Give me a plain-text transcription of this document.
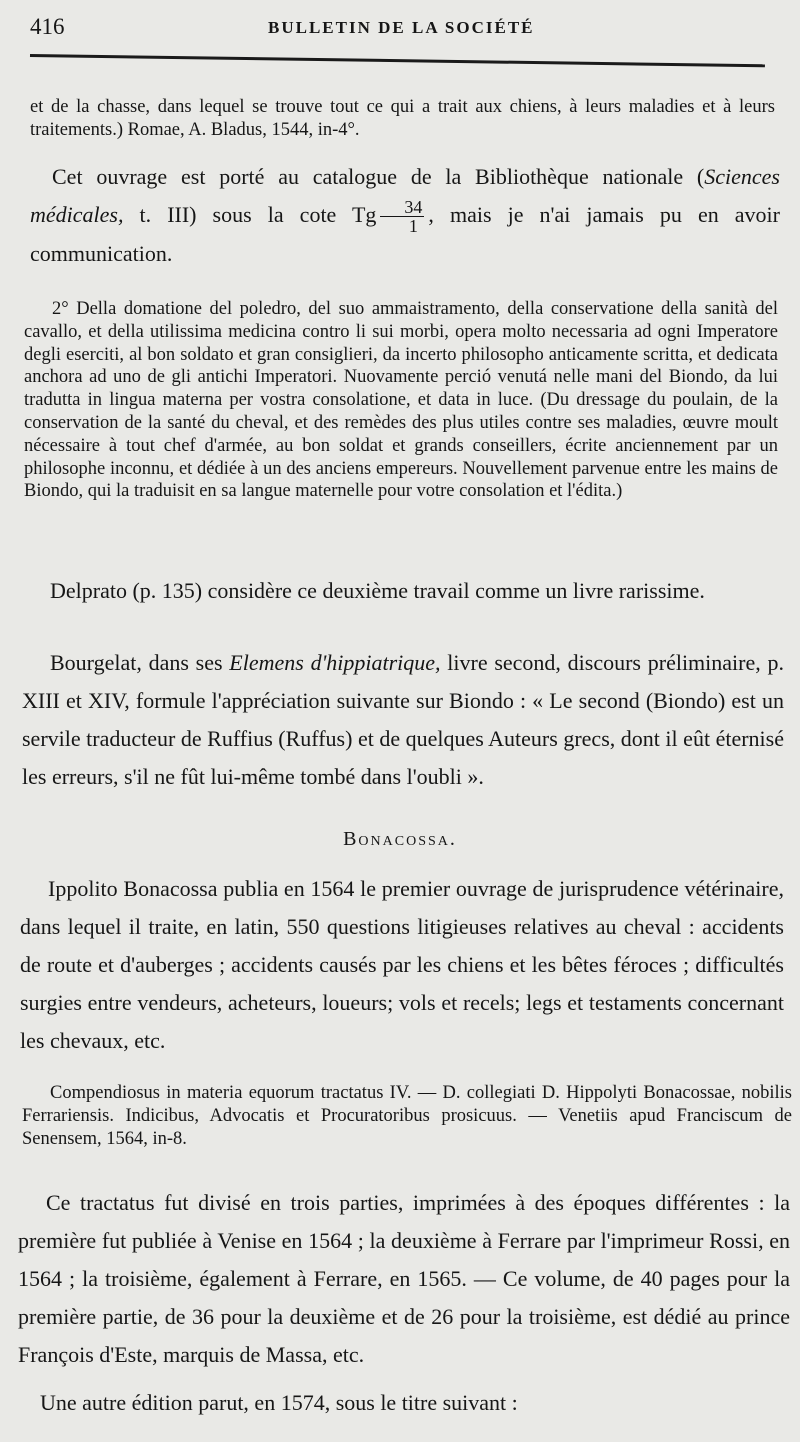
416	BULLETIN DE LA SOCIÉTÉ

et de la chasse, dans lequel se trouve tout ce qui a trait aux chiens, à leurs maladies et à leurs traitements.) Romae, A. Bladus, 1544, in-4°.

Cet ouvrage est porté au catalogue de la Bibliothèque nationale (Sciences médicales, t. III) sous la cote Tg $\frac{34}{1}$ , mais je n'ai jamais pu en avoir communication.

2° Della domatione del poledro, del suo ammaistramento, della conservatione della sanità del cavallo, et della utilissima medicina contro li sui morbi, opera molto necessaria ad ogni Imperatore degli eserciti, al bon soldato et gran consiglieri, da incerto philosopho anticamente scritta, et dedicata anchora ad uno de gli antichi Imperatori. Nuovamente perció venutá nelle mani del Biondo, da lui tradutta in lingua materna per vostra consolatione, et data in luce. (Du dressage du poulain, de la conservation de la santé du cheval, et des remèdes des plus utiles contre ses maladies, œuvre moult nécessaire à tout chef d'armée, au bon soldat et grands conseillers, écrite anciennement par un philosophe inconnu, et dédiée à un des anciens empereurs. Nouvellement parvenue entre les mains de Biondo, qui la traduisit en sa langue maternelle pour votre consolation et l'édita.)

Delprato (p. 135) considère ce deuxième travail comme un livre rarissime.

Bourgelat, dans ses Elemens d'hippiatrique, livre second, discours préliminaire, p. XIII et XIV, formule l'appréciation suivante sur Biondo : « Le second (Biondo) est un servile traducteur de Ruffius (Ruffus) et de quelques Auteurs grecs, dont il eût éternisé les erreurs, s'il ne fût lui-même tombé dans l'oubli ».

Bonacossa.

Ippolito Bonacossa publia en 1564 le premier ouvrage de jurisprudence vétérinaire, dans lequel il traite, en latin, 550 questions litigieuses relatives au cheval : accidents de route et d'auberges ; accidents causés par les chiens et les bêtes féroces ; difficultés surgies entre vendeurs, acheteurs, loueurs; vols et recels; legs et testaments concernant les chevaux, etc.

Compendiosus in materia equorum tractatus IV. — D. collegiati D. Hippolyti Bonacossae, nobilis Ferrariensis. Indicibus, Advocatis et Procuratoribus prosicuus. — Venetiis apud Franciscum de Senensem, 1564, in-8.

Ce tractatus fut divisé en trois parties, imprimées à des époques différentes : la première fut publiée à Venise en 1564 ; la deuxième à Ferrare par l'imprimeur Rossi, en 1564 ; la troisième, également à Ferrare, en 1565. — Ce volume, de 40 pages pour la première partie, de 36 pour la deuxième et de 26 pour la troisième, est dédié au prince François d'Este, marquis de Massa, etc.

Une autre édition parut, en 1574, sous le titre suivant :
